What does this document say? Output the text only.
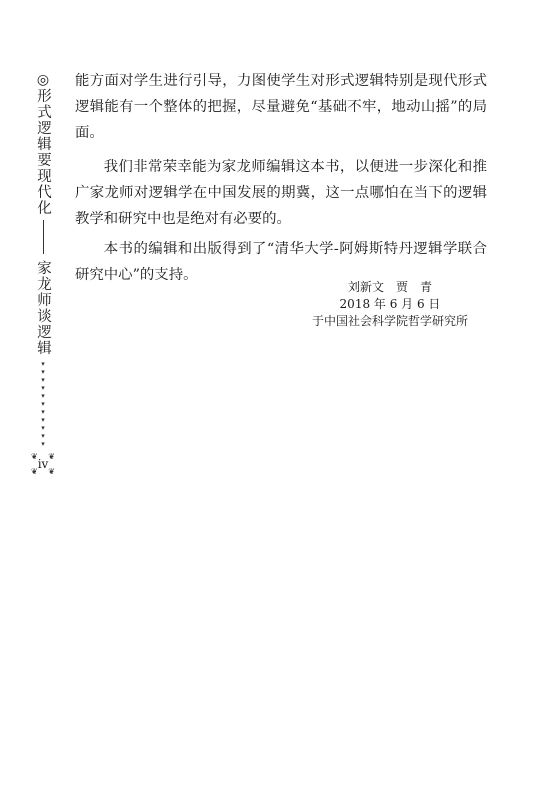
◎
形式逻辑要现代化
家龙师谈逻辑
▾
▾
▾
▾
▾
▾
▾
▾
▾
▾
▾
❦ ❦
❦ ❦
iv

能方面对学生进行引导，力图使学生对形式逻辑特别是现代形式逻辑能有一个整体的把握，尽量避免“基础不牢，地动山摇”的局面。

我们非常荣幸能为家龙师编辑这本书，以便进一步深化和推广家龙师对逻辑学在中国发展的期冀，这一点哪怕在当下的逻辑教学和研究中也是绝对有必要的。

本书的编辑和出版得到了“清华大学-阿姆斯特丹逻辑学联合研究中心”的支持。

刘新文　贾　青
2018 年 6 月 6 日
于中国社会科学院哲学研究所
